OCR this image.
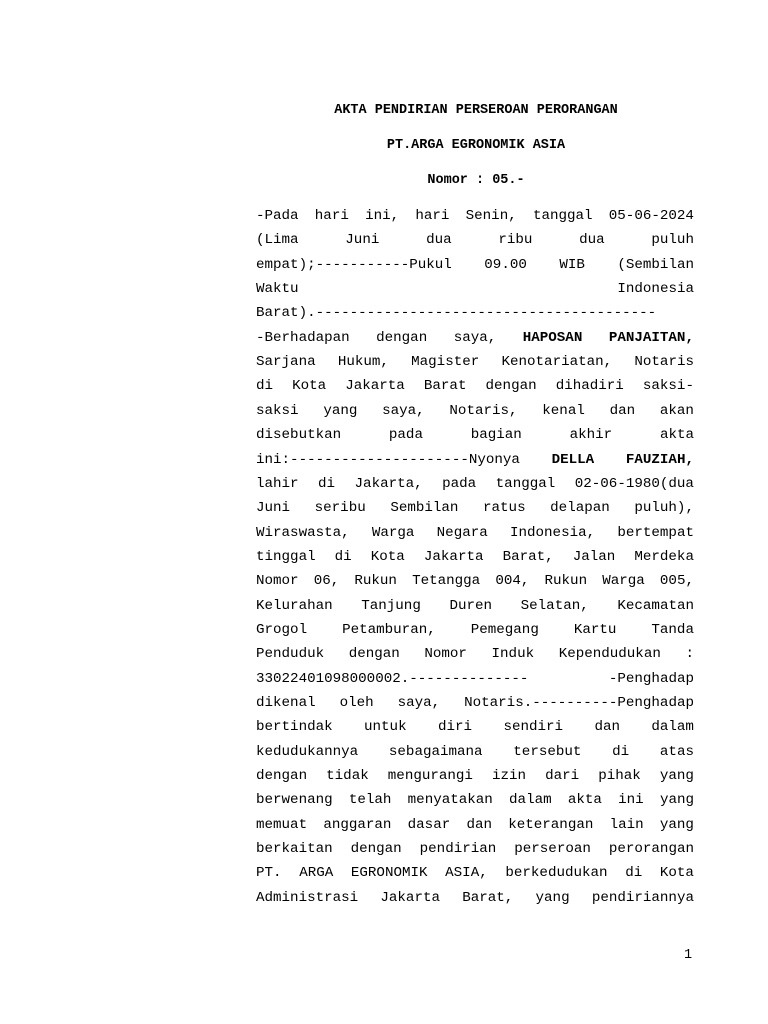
AKTA PENDIRIAN PERSEROAN PERORANGAN
PT.ARGA EGRONOMIK ASIA
Nomor : 05.-
-Pada hari ini, hari Senin, tanggal 05-06-2024
(Lima	Juni	dua	ribu	dua	puluh
empat);-----------Pukul 09.00 WIB (Sembilan
Waktu	Indonesia
Barat).----------------------------------------
-Berhadapan dengan saya, HAPOSAN PANJAITAN,
Sarjana Hukum, Magister Kenotariatan, Notaris
di Kota Jakarta Barat dengan dihadiri saksi-
saksi yang saya, Notaris, kenal dan akan
disebutkan	pada	bagian	akhir	akta
ini:---------------------Nyonya DELLA FAUZIAH,
lahir di Jakarta, pada tanggal 02-06-1980(dua
Juni seribu Sembilan ratus delapan puluh),
Wiraswasta, Warga Negara Indonesia, bertempat
tinggal di Kota Jakarta Barat, Jalan Merdeka
Nomor 06, Rukun Tetangga 004, Rukun Warga 005,
Kelurahan Tanjung Duren Selatan, Kecamatan
Grogol Petamburan, Pemegang Kartu Tanda
Penduduk dengan Nomor Induk Kependudukan :
33022401098000002.--------------	-Penghadap
dikenal oleh saya, Notaris.----------Penghadap
bertindak untuk diri sendiri dan dalam
kedudukannya sebagaimana tersebut di atas
dengan tidak mengurangi izin dari pihak yang
berwenang telah menyatakan dalam akta ini yang
memuat anggaran dasar dan keterangan lain yang
berkaitan dengan pendirian perseroan perorangan
PT. ARGA EGRONOMIK ASIA, berkedudukan di Kota
Administrasi Jakarta Barat, yang pendiriannya
1
